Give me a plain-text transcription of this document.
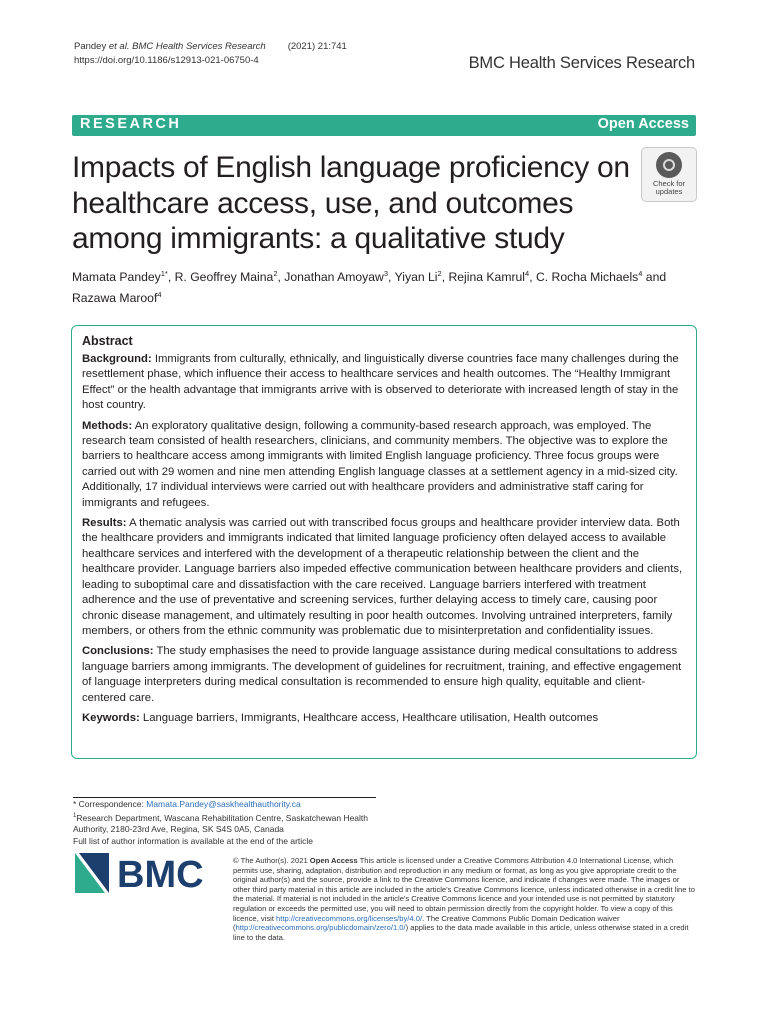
Pandey et al. BMC Health Services Research (2021) 21:741
https://doi.org/10.1186/s12913-021-06750-4	BMC Health Services Research
RESEARCH	Open Access
Impacts of English language proficiency on healthcare access, use, and outcomes among immigrants: a qualitative study
Check for
updates
Mamata Pandey$^{1*}$, R. Geoffrey Maina$^2$, Jonathan Amoyaw$^3$, Yiyan Li$^2$, Rejina Kamrul$^4$, C. Rocha Michaels$^4$ and
Razawa Maroof$^4$
Abstract

Background: Immigrants from culturally, ethnically, and linguistically diverse countries face many challenges during the resettlement phase, which influence their access to healthcare services and health outcomes. The “Healthy Immigrant Effect” or the health advantage that immigrants arrive with is observed to deteriorate with increased length of stay in the host country.

Methods: An exploratory qualitative design, following a community-based research approach, was employed. The research team consisted of health researchers, clinicians, and community members. The objective was to explore the barriers to healthcare access among immigrants with limited English language proficiency. Three focus groups were carried out with 29 women and nine men attending English language classes at a settlement agency in a mid-sized city. Additionally, 17 individual interviews were carried out with healthcare providers and administrative staff caring for immigrants and refugees.

Results: A thematic analysis was carried out with transcribed focus groups and healthcare provider interview data. Both the healthcare providers and immigrants indicated that limited language proficiency often delayed access to available healthcare services and interfered with the development of a therapeutic relationship between the client and the healthcare provider. Language barriers also impeded effective communication between healthcare providers and clients, leading to suboptimal care and dissatisfaction with the care received. Language barriers interfered with treatment adherence and the use of preventative and screening services, further delaying access to timely care, causing poor chronic disease management, and ultimately resulting in poor health outcomes. Involving untrained interpreters, family members, or others from the ethnic community was problematic due to misinterpretation and confidentiality issues.

Conclusions: The study emphasises the need to provide language assistance during medical consultations to address language barriers among immigrants. The development of guidelines for recruitment, training, and effective engagement of language interpreters during medical consultation is recommended to ensure high quality, equitable and client-centered care.

Keywords: Language barriers, Immigrants, Healthcare access, Healthcare utilisation, Health outcomes

* Correspondence: Mamata.Pandey@saskhealthauthority.ca
$^1$Research Department, Wascana Rehabilitation Centre, Saskatchewan Health Authority, 2180-23rd Ave, Regina, SK S4S 0A5, Canada
Full list of author information is available at the end of the article
BMC	© The Author(s). 2021 Open Access This article is licensed under a Creative Commons Attribution 4.0 International License, which permits use, sharing, adaptation, distribution and reproduction in any medium or format, as long as you give appropriate credit to the original author(s) and the source, provide a link to the Creative Commons licence, and indicate if changes were made. The images or other third party material in this article are included in the article's Creative Commons licence, unless indicated otherwise in a credit line to the material. If material is not included in the article's Creative Commons licence and your intended use is not permitted by statutory regulation or exceeds the permitted use, you will need to obtain permission directly from the copyright holder. To view a copy of this licence, visit http://creativecommons.org/licenses/by/4.0/. The Creative Commons Public Domain Dedication waiver (http://creativecommons.org/publicdomain/zero/1.0/) applies to the data made available in this article, unless otherwise stated in a credit line to the data.
